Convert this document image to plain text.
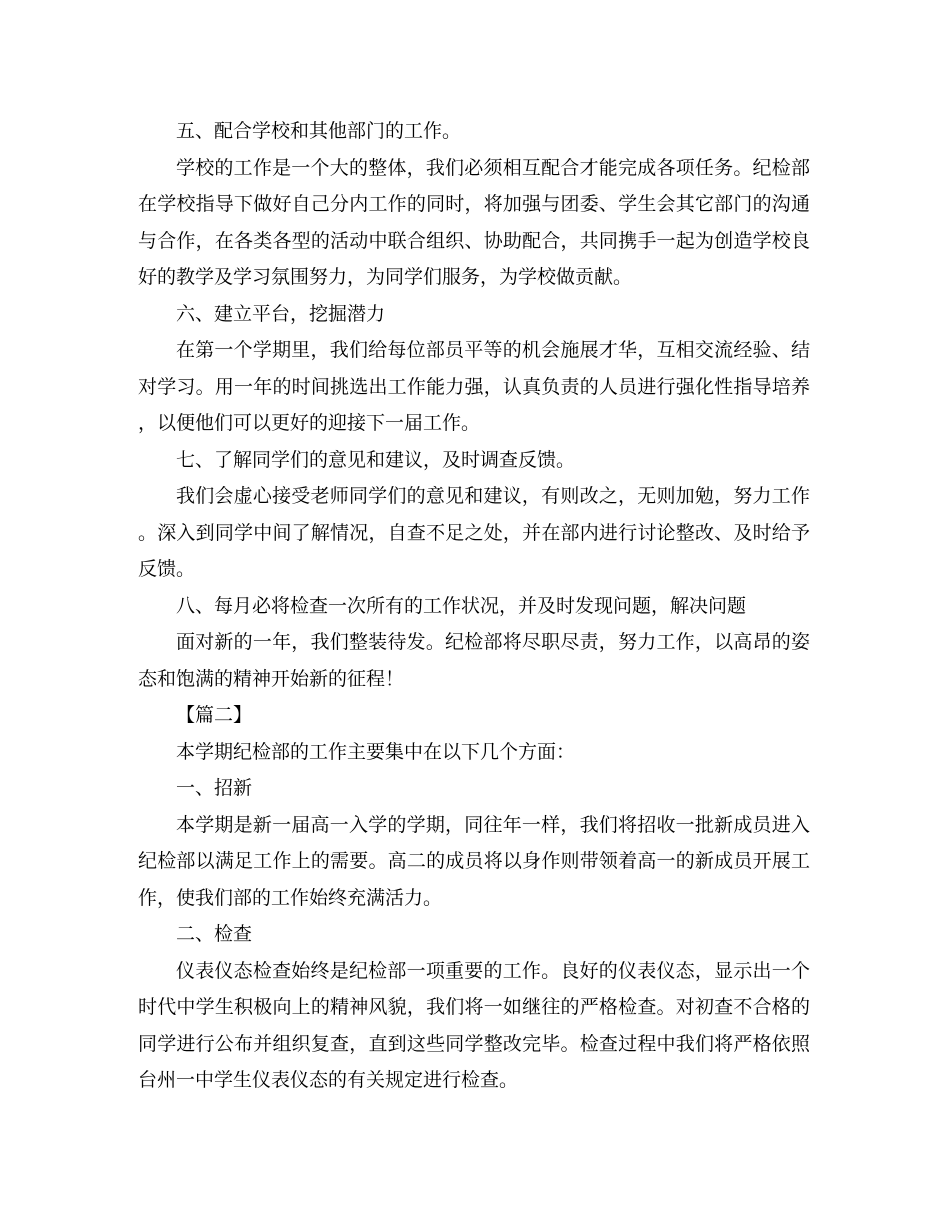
五、配合学校和其他部门的工作。

学校的工作是一个大的整体，我们必须相互配合才能完成各项任务。纪检部在学校指导下做好自己分内工作的同时，将加强与团委、学生会其它部门的沟通与合作，在各类各型的活动中联合组织、协助配合，共同携手一起为创造学校良好的教学及学习氛围努力，为同学们服务，为学校做贡献。

六、建立平台，挖掘潜力

在第一个学期里，我们给每位部员平等的机会施展才华，互相交流经验、结对学习。用一年的时间挑选出工作能力强，认真负责的人员进行强化性指导培养，以便他们可以更好的迎接下一届工作。

七、了解同学们的意见和建议，及时调查反馈。

我们会虚心接受老师同学们的意见和建议，有则改之，无则加勉，努力工作。深入到同学中间了解情况，自查不足之处，并在部内进行讨论整改、及时给予反馈。

八、每月必将检查一次所有的工作状况，并及时发现问题，解决问题

面对新的一年，我们整装待发。纪检部将尽职尽责，努力工作，以高昂的姿态和饱满的精神开始新的征程！

【篇二】

本学期纪检部的工作主要集中在以下几个方面：

一、招新

本学期是新一届高一入学的学期，同往年一样，我们将招收一批新成员进入纪检部以满足工作上的需要。高二的成员将以身作则带领着高一的新成员开展工作，使我们部的工作始终充满活力。

二、检查

仪表仪态检查始终是纪检部一项重要的工作。良好的仪表仪态，显示出一个时代中学生积极向上的精神风貌，我们将一如继往的严格检查。对初查不合格的同学进行公布并组织复查，直到这些同学整改完毕。检查过程中我们将严格依照台州一中学生仪表仪态的有关规定进行检查。
